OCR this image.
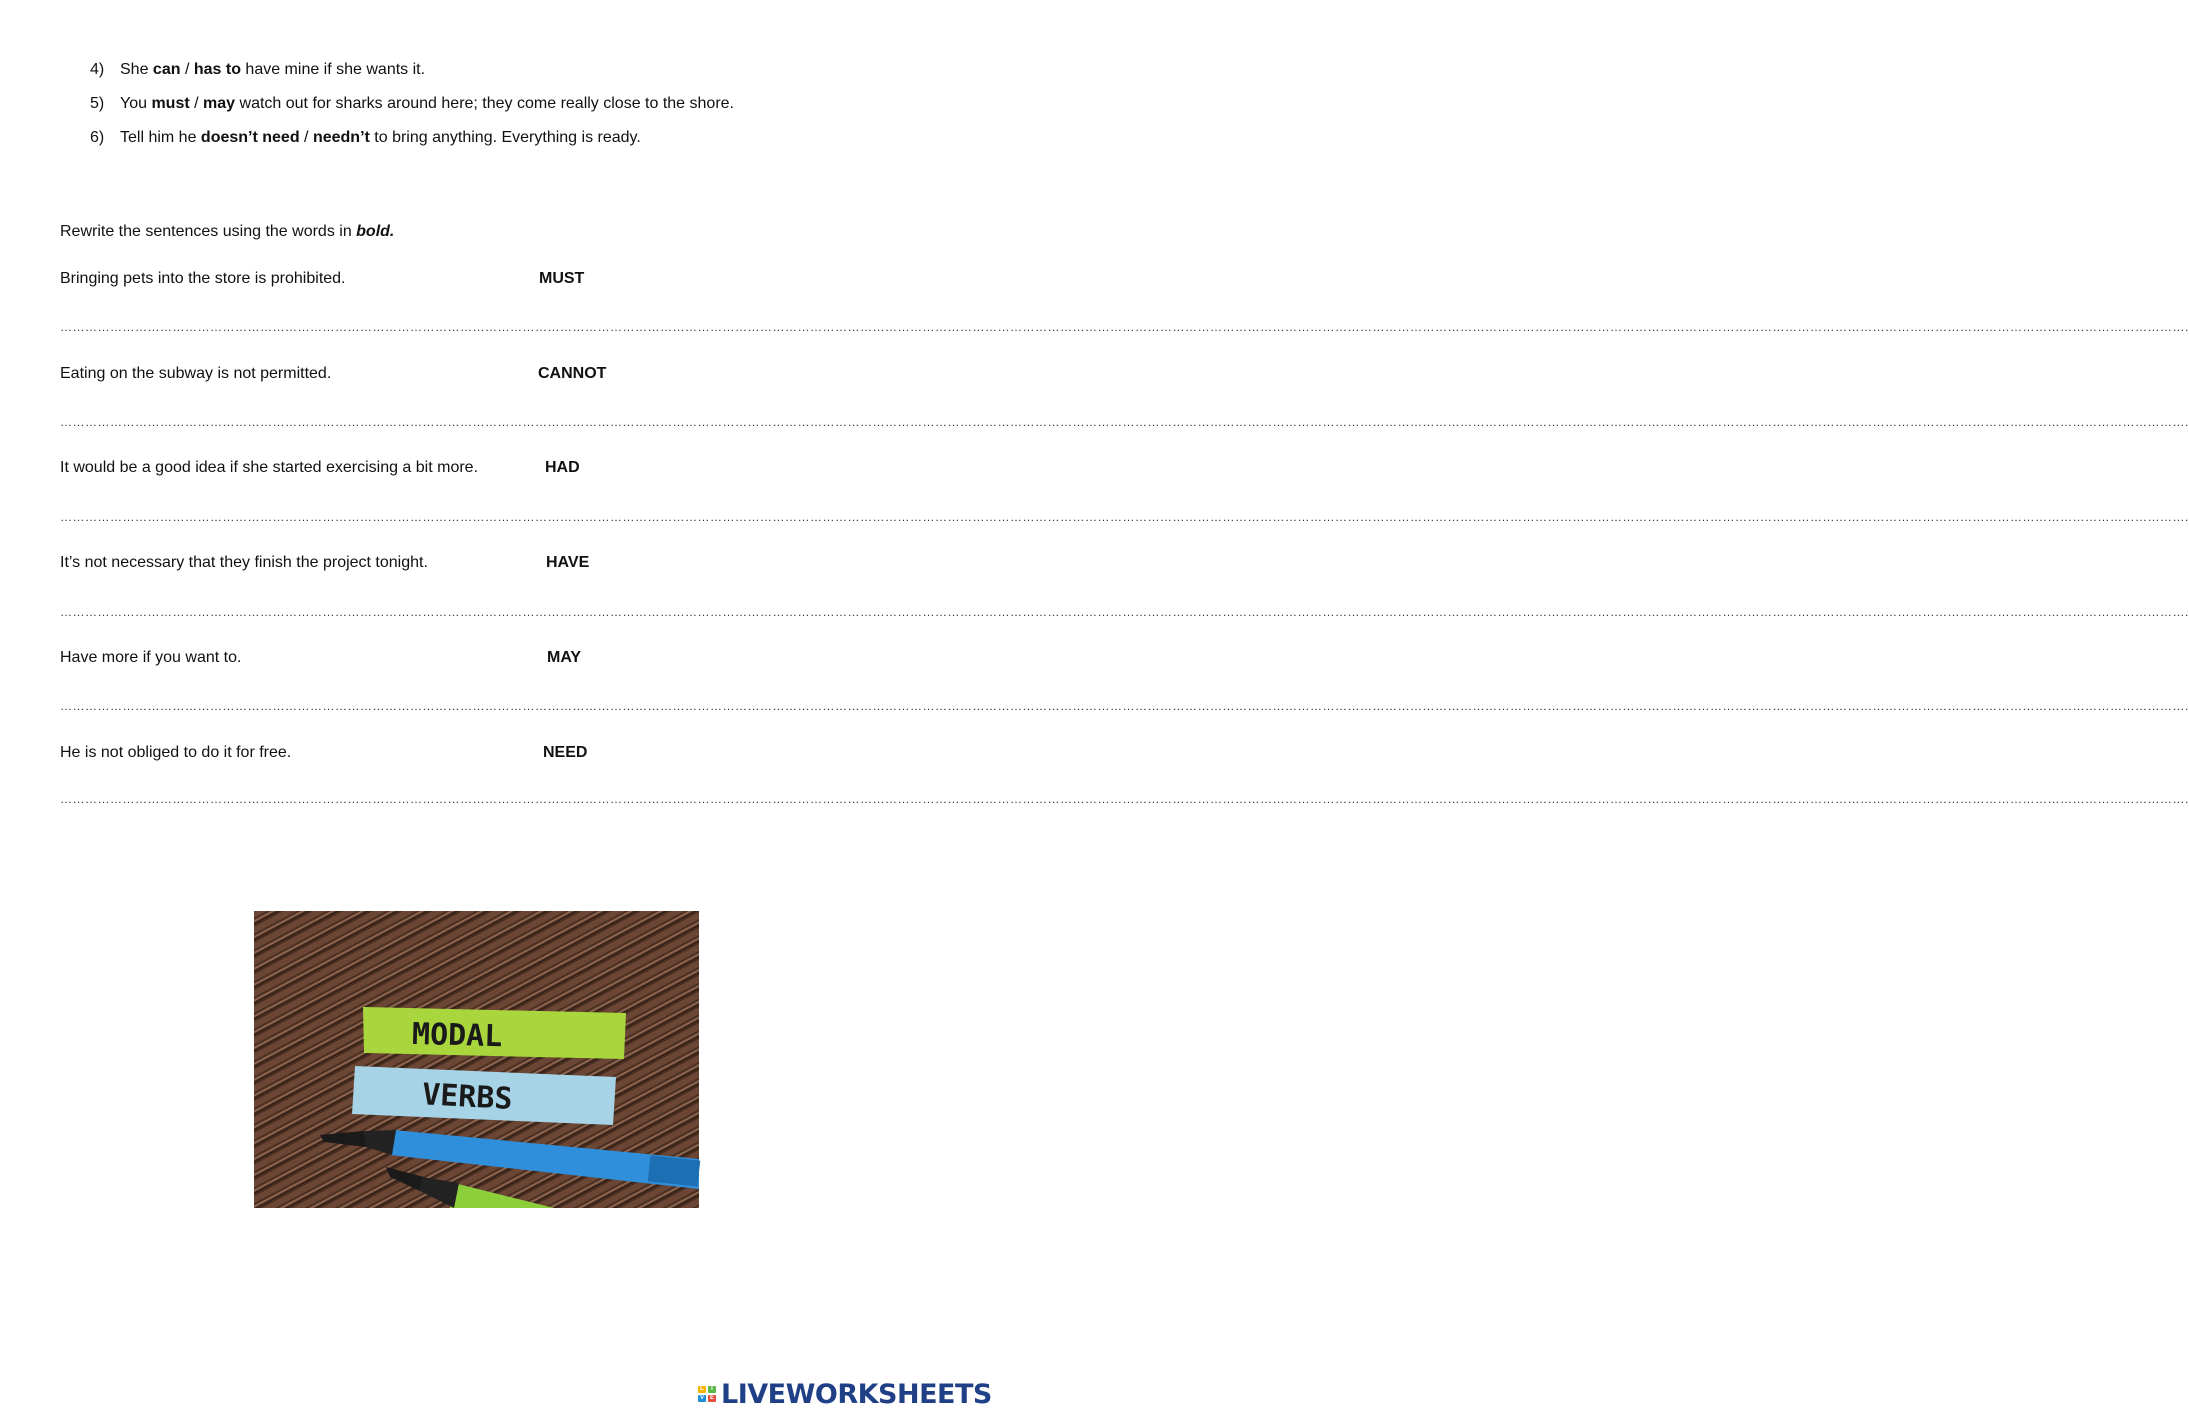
4) She can / has to have mine if she wants it.
5) You must / may watch out for sharks around here; they come really close to the shore.
6) Tell him he doesn’t need / needn’t to bring anything. Everything is ready.
Rewrite the sentences using the words in bold.
Bringing pets into the store is prohibited.	MUST
…………………………………………………………………………………………………………………………………………………………………………………………………………………………………………………………………………………………………………………………………………………………………………………………………………………………………………………………………….
Eating on the subway is not permitted.	CANNOT
…………………………………………………………………………………………………………………………………………………………………………………………………………………………………………………………………………………………………………………………………………………………………………………………………………………………………………………………………….
It would be a good idea if she started exercising a bit more.	HAD
…………………………………………………………………………………………………………………………………………………………………………………………………………………………………………………………………………………………………………………………………………………………………………………………………………………………………………………………………….
It’s not necessary that they finish the project tonight.	HAVE
…………………………………………………………………………………………………………………………………………………………………………………………………………………………………………………………………………………………………………………………………………………………………………………………………………………………………………………………………….
Have more if you want to.	MAY
…………………………………………………………………………………………………………………………………………………………………………………………………………………………………………………………………………………………………………………………………………………………………………………………………………………………………………………………………….
He is not obliged to do it for free.	NEED
…………………………………………………………………………………………………………………………………………………………………………………………………………………………………………………………………………………………………………………………………………………………………………………………………………………………………………………………………….
MODAL
VERBS
L	I
V E LIVEWORKSHEETS
